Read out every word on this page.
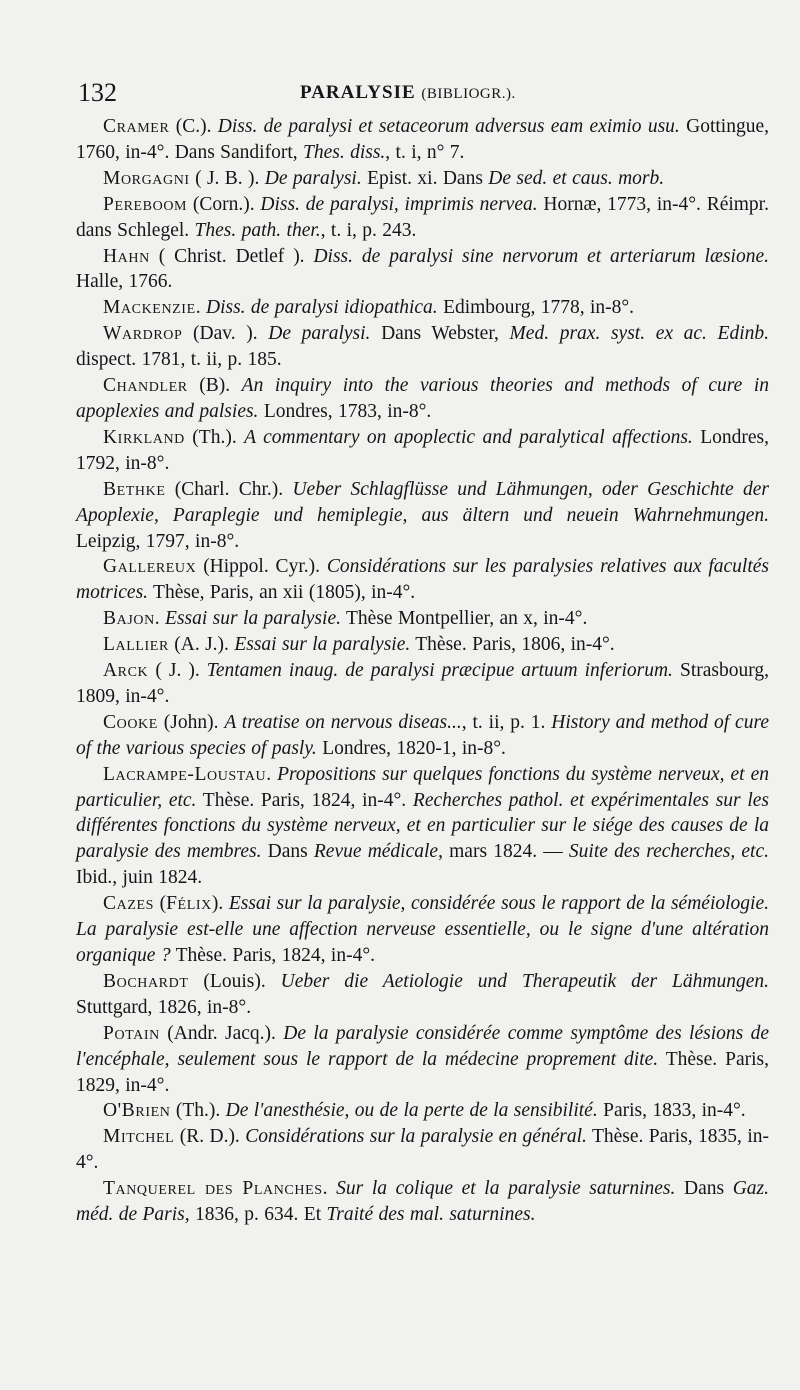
132	PARALYSIE (BIBLIOGR.).

Cramer (C.). Diss. de paralysi et setaceorum adversus eam eximio usu. Gottingue, 1760, in-4°. Dans Sandifort, Thes. diss., t. i, n° 7.

Morgagni ( J. B. ). De paralysi. Epist. xi. Dans De sed. et caus. morb.

Pereboom (Corn.). Diss. de paralysi, imprimis nervea. Hornæ, 1773, in-4°. Réimpr. dans Schlegel. Thes. path. ther., t. i, p. 243.

Hahn ( Christ. Detlef ). Diss. de paralysi sine nervorum et arteriarum læsione. Halle, 1766.

Mackenzie. Diss. de paralysi idiopathica. Edimbourg, 1778, in-8°.

Wardrop (Dav. ). De paralysi. Dans Webster, Med. prax. syst. ex ac. Edinb. dispect. 1781, t. ii, p. 185.

Chandler (B). An inquiry into the various theories and methods of cure in apoplexies and palsies. Londres, 1783, in-8°.

Kirkland (Th.). A commentary on apoplectic and paralytical affections. Londres, 1792, in-8°.

Bethke (Charl. Chr.). Ueber Schlagflüsse und Lähmungen, oder Geschichte der Apoplexie, Paraplegie und hemiplegie, aus ältern und neuein Wahrnehmungen. Leipzig, 1797, in-8°.

Gallereux (Hippol. Cyr.). Considérations sur les paralysies relatives aux facultés motrices. Thèse, Paris, an xii (1805), in-4°.

Bajon. Essai sur la paralysie. Thèse Montpellier, an x, in-4°.

Lallier (A. J.). Essai sur la paralysie. Thèse. Paris, 1806, in-4°.

Arck ( J. ). Tentamen inaug. de paralysi præcipue artuum inferiorum. Strasbourg, 1809, in-4°.

Cooke (John). A treatise on nervous diseas..., t. ii, p. 1. History and method of cure of the various species of pasly. Londres, 1820-1, in-8°.

Lacrampe-Loustau. Propositions sur quelques fonctions du système nerveux, et en particulier, etc. Thèse. Paris, 1824, in-4°. Recherches pathol. et expérimentales sur les différentes fonctions du système nerveux, et en particulier sur le siége des causes de la paralysie des membres. Dans Revue médicale, mars 1824. — Suite des recherches, etc. Ibid., juin 1824.

Cazes (Félix). Essai sur la paralysie, considérée sous le rapport de la séméiologie. La paralysie est-elle une affection nerveuse essentielle, ou le signe d'une altération organique ? Thèse. Paris, 1824, in-4°.

Bochardt (Louis). Ueber die Aetiologie und Therapeutik der Lähmungen. Stuttgard, 1826, in-8°.

Potain (Andr. Jacq.). De la paralysie considérée comme symptôme des lésions de l'encéphale, seulement sous le rapport de la médecine proprement dite. Thèse. Paris, 1829, in-4°.

O'Brien (Th.). De l'anesthésie, ou de la perte de la sensibilité. Paris, 1833, in-4°.

Mitchel (R. D.). Considérations sur la paralysie en général. Thèse. Paris, 1835, in-4°.

Tanquerel des Planches. Sur la colique et la paralysie saturnines. Dans Gaz. méd. de Paris, 1836, p. 634. Et Traité des mal. saturnines.
